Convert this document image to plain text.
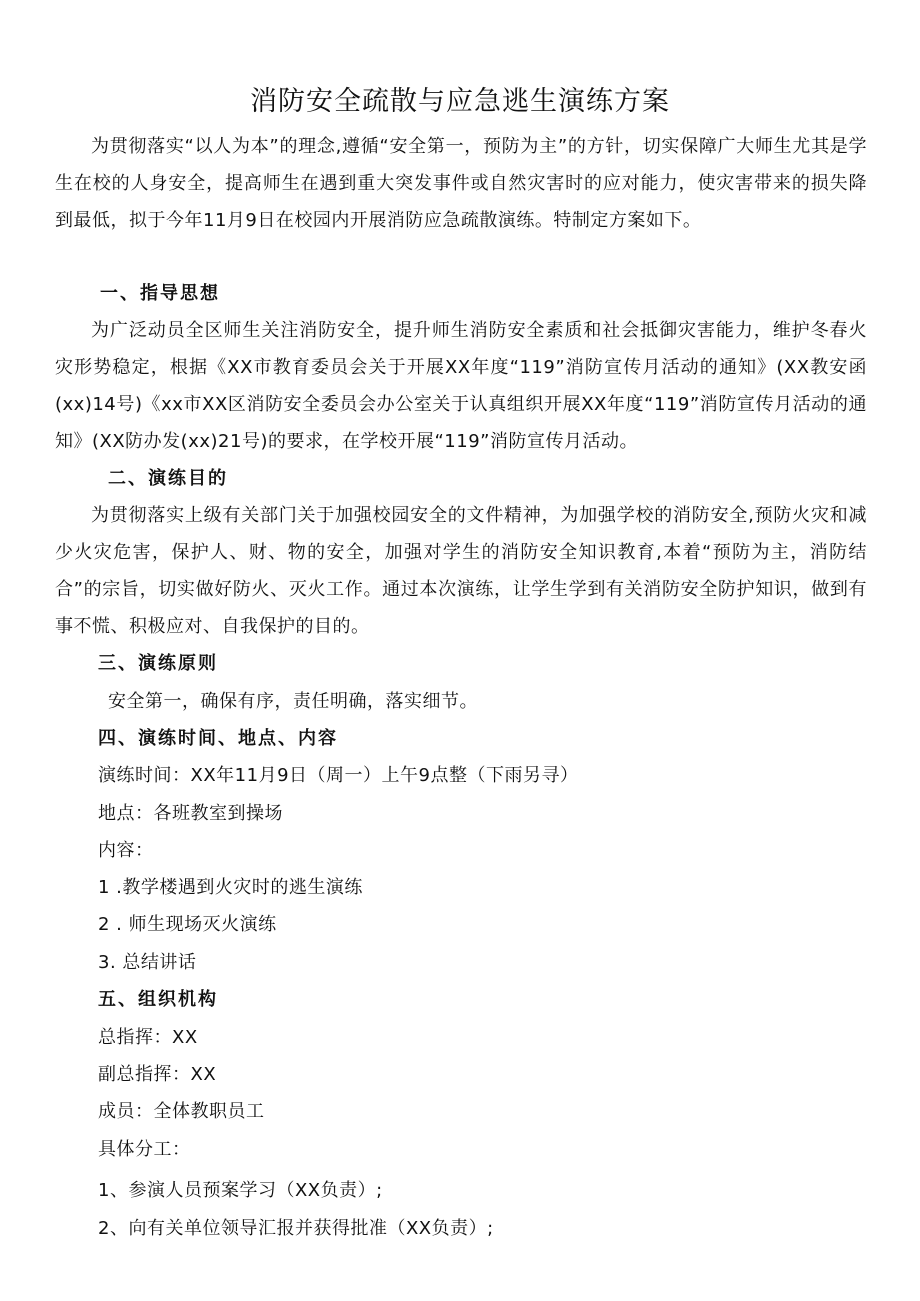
消防安全疏散与应急逃生演练方案

为贯彻落实“以人为本”的理念,遵循“安全第一，预防为主”的方针，切实保障广大师生尤其是学生在校的人身安全，提高师生在遇到重大突发事件或自然灾害时的应对能力，使灾害带来的损失降到最低，拟于今年11月9日在校园内开展消防应急疏散演练。特制定方案如下。

一、指导思想

为广泛动员全区师生关注消防安全，提升师生消防安全素质和社会抵御灾害能力，维护冬春火灾形势稳定，根据《XX市教育委员会关于开展XX年度“119”消防宣传月活动的通知》(XX教安函(xx)14号)《xx市XX区消防安全委员会办公室关于认真组织开展XX年度“119”消防宣传月活动的通知》(XX防办发(xx)21号)的要求，在学校开展“119”消防宣传月活动。

二、演练目的

为贯彻落实上级有关部门关于加强校园安全的文件精神，为加强学校的消防安全,预防火灾和减少火灾危害，保护人、财、物的安全，加强对学生的消防安全知识教育,本着“预防为主，消防结合”的宗旨，切实做好防火、灭火工作。通过本次演练，让学生学到有关消防安全防护知识，做到有事不慌、积极应对、自我保护的目的。

三、演练原则
安全第一，确保有序，责任明确，落实细节。
四、演练时间、地点、内容
演练时间：XX年11月9日（周一）上午9点整（下雨另寻）
地点：各班教室到操场
内容：
1 .教学楼遇到火灾时的逃生演练
2 . 师生现场灭火演练
3. 总结讲话
五、组织机构
总指挥：XX
副总指挥：XX
成员：全体教职员工
具体分工：
1、参演人员预案学习（XX负责）;
2、向有关单位领导汇报并获得批准（XX负责）;
